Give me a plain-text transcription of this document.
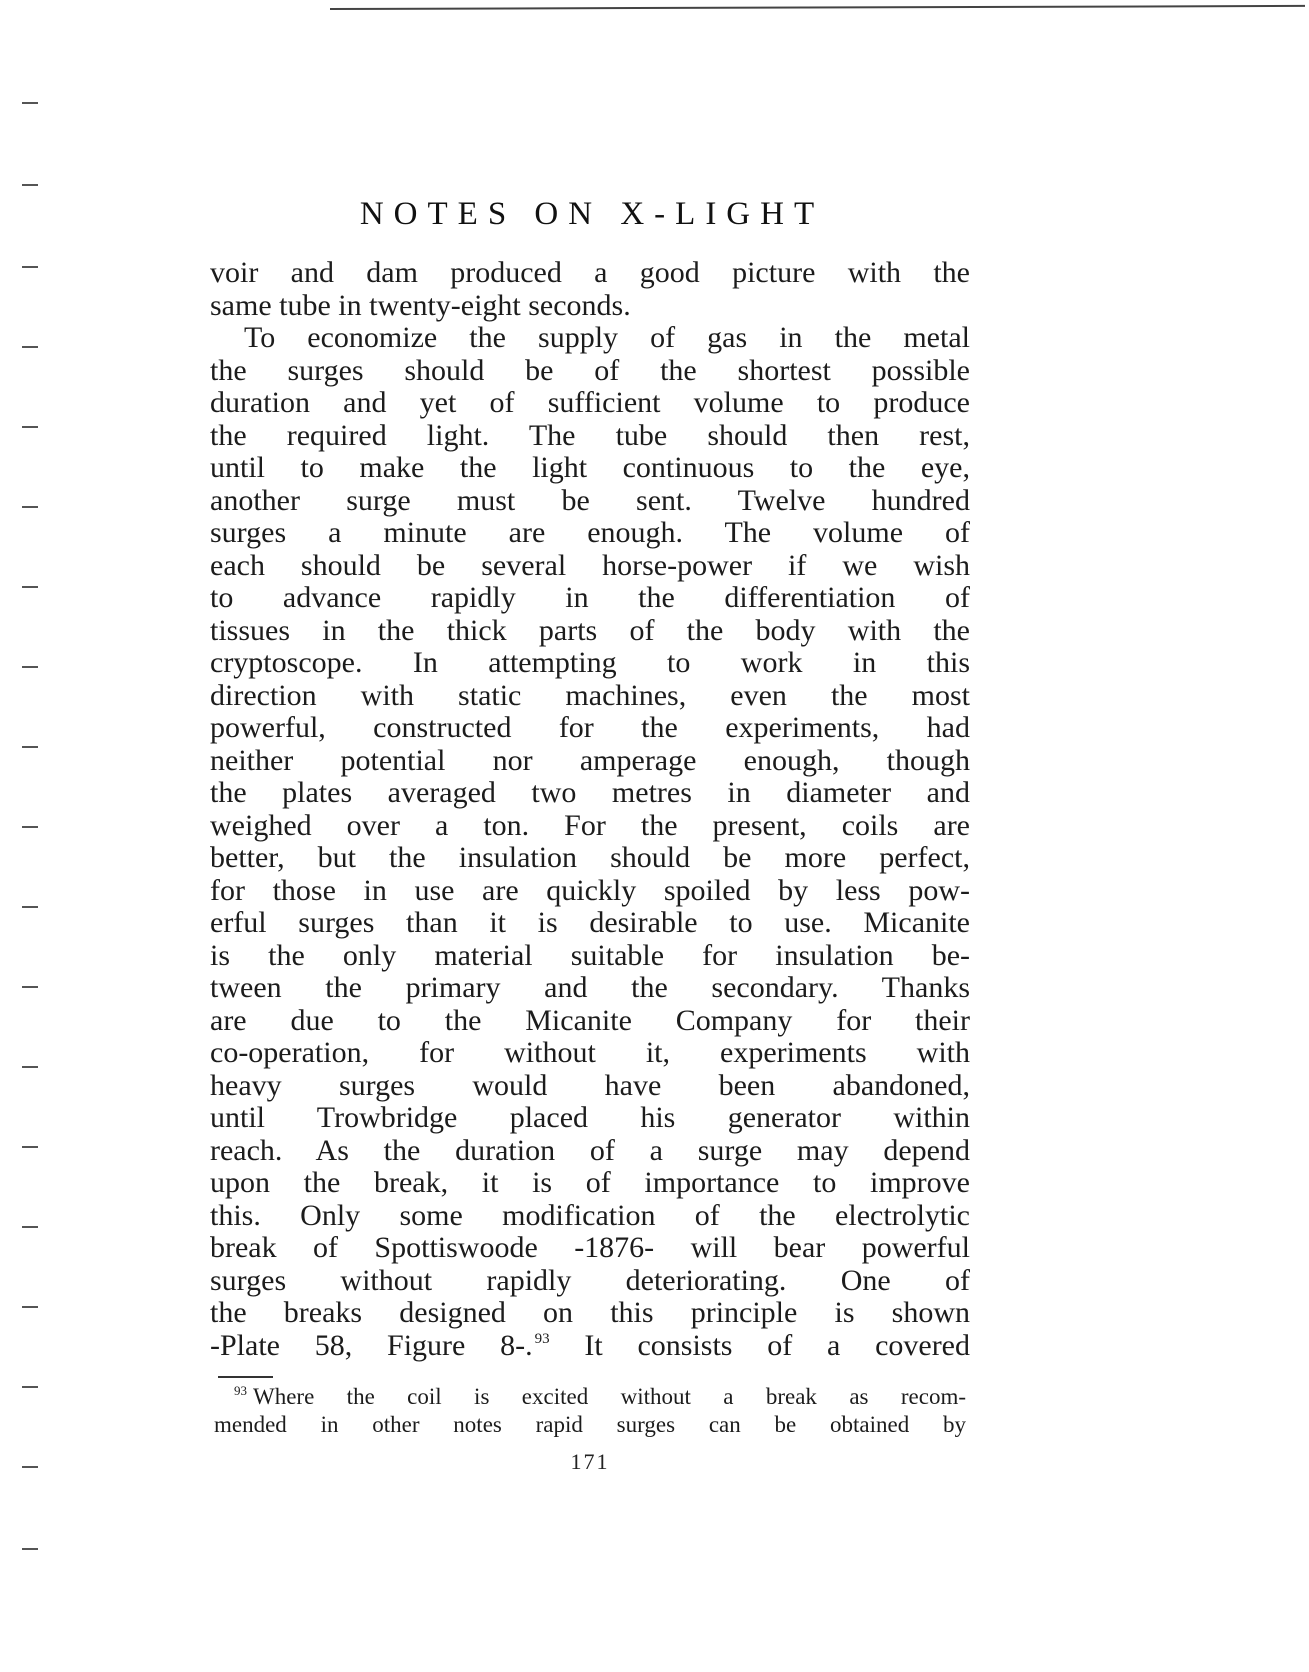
NOTES ON X-LIGHT
voir and dam produced a good picture with the
same tube in twenty-eight seconds.
To economize the supply of gas in the metal
the surges should be of the shortest possible
duration and yet of sufficient volume to produce
the required light. The tube should then rest,
until to make the light continuous to the eye,
another surge must be sent. Twelve hundred
surges a minute are enough. The volume of
each should be several horse-power if we wish
to advance rapidly in the differentiation of
tissues in the thick parts of the body with the
cryptoscope. In attempting to work in this
direction with static machines, even the most
powerful, constructed for the experiments, had
neither potential nor amperage enough, though
the plates averaged two metres in diameter and
weighed over a ton. For the present, coils are
better, but the insulation should be more perfect,
for those in use are quickly spoiled by less pow-
erful surges than it is desirable to use. Micanite
is the only material suitable for insulation be-
tween the primary and the secondary. Thanks
are due to the Micanite Company for their
co-operation, for without it, experiments with
heavy surges would have been abandoned,
until Trowbridge placed his generator within
reach. As the duration of a surge may depend
upon the break, it is of importance to improve
this. Only some modification of the electrolytic
break of Spottiswoode -1876- will bear powerful
surges without rapidly deteriorating. One of
the breaks designed on this principle is shown
-Plate 58, Figure 8-. $^{93}$ It consists of a covered
$^{93}$ Where the coil is excited without a break as recom-
mended in other notes rapid surges can be obtained by
171
